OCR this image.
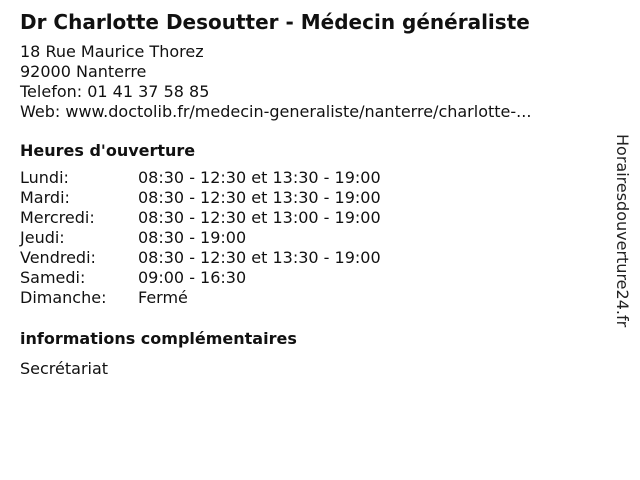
Dr Charlotte Desoutter - Médecin généraliste
18 Rue Maurice Thorez
92000 Nanterre
Telefon: 01 41 37 58 85
Web: www.doctolib.fr/medecin-generaliste/nanterre/charlotte-...
Heures d'ouverture
Lundi:	08:30 - 12:30 et 13:30 - 19:00
Mardi:	08:30 - 12:30 et 13:30 - 19:00
Mercredi:	08:30 - 12:30 et 13:00 - 19:00
Jeudi:	08:30 - 19:00
Vendredi:	08:30 - 12:30 et 13:30 - 19:00
Samedi:	09:00 - 16:30
Dimanche:	Fermé
informations complémentaires
Secrétariat
Horairesdouverture24.fr
